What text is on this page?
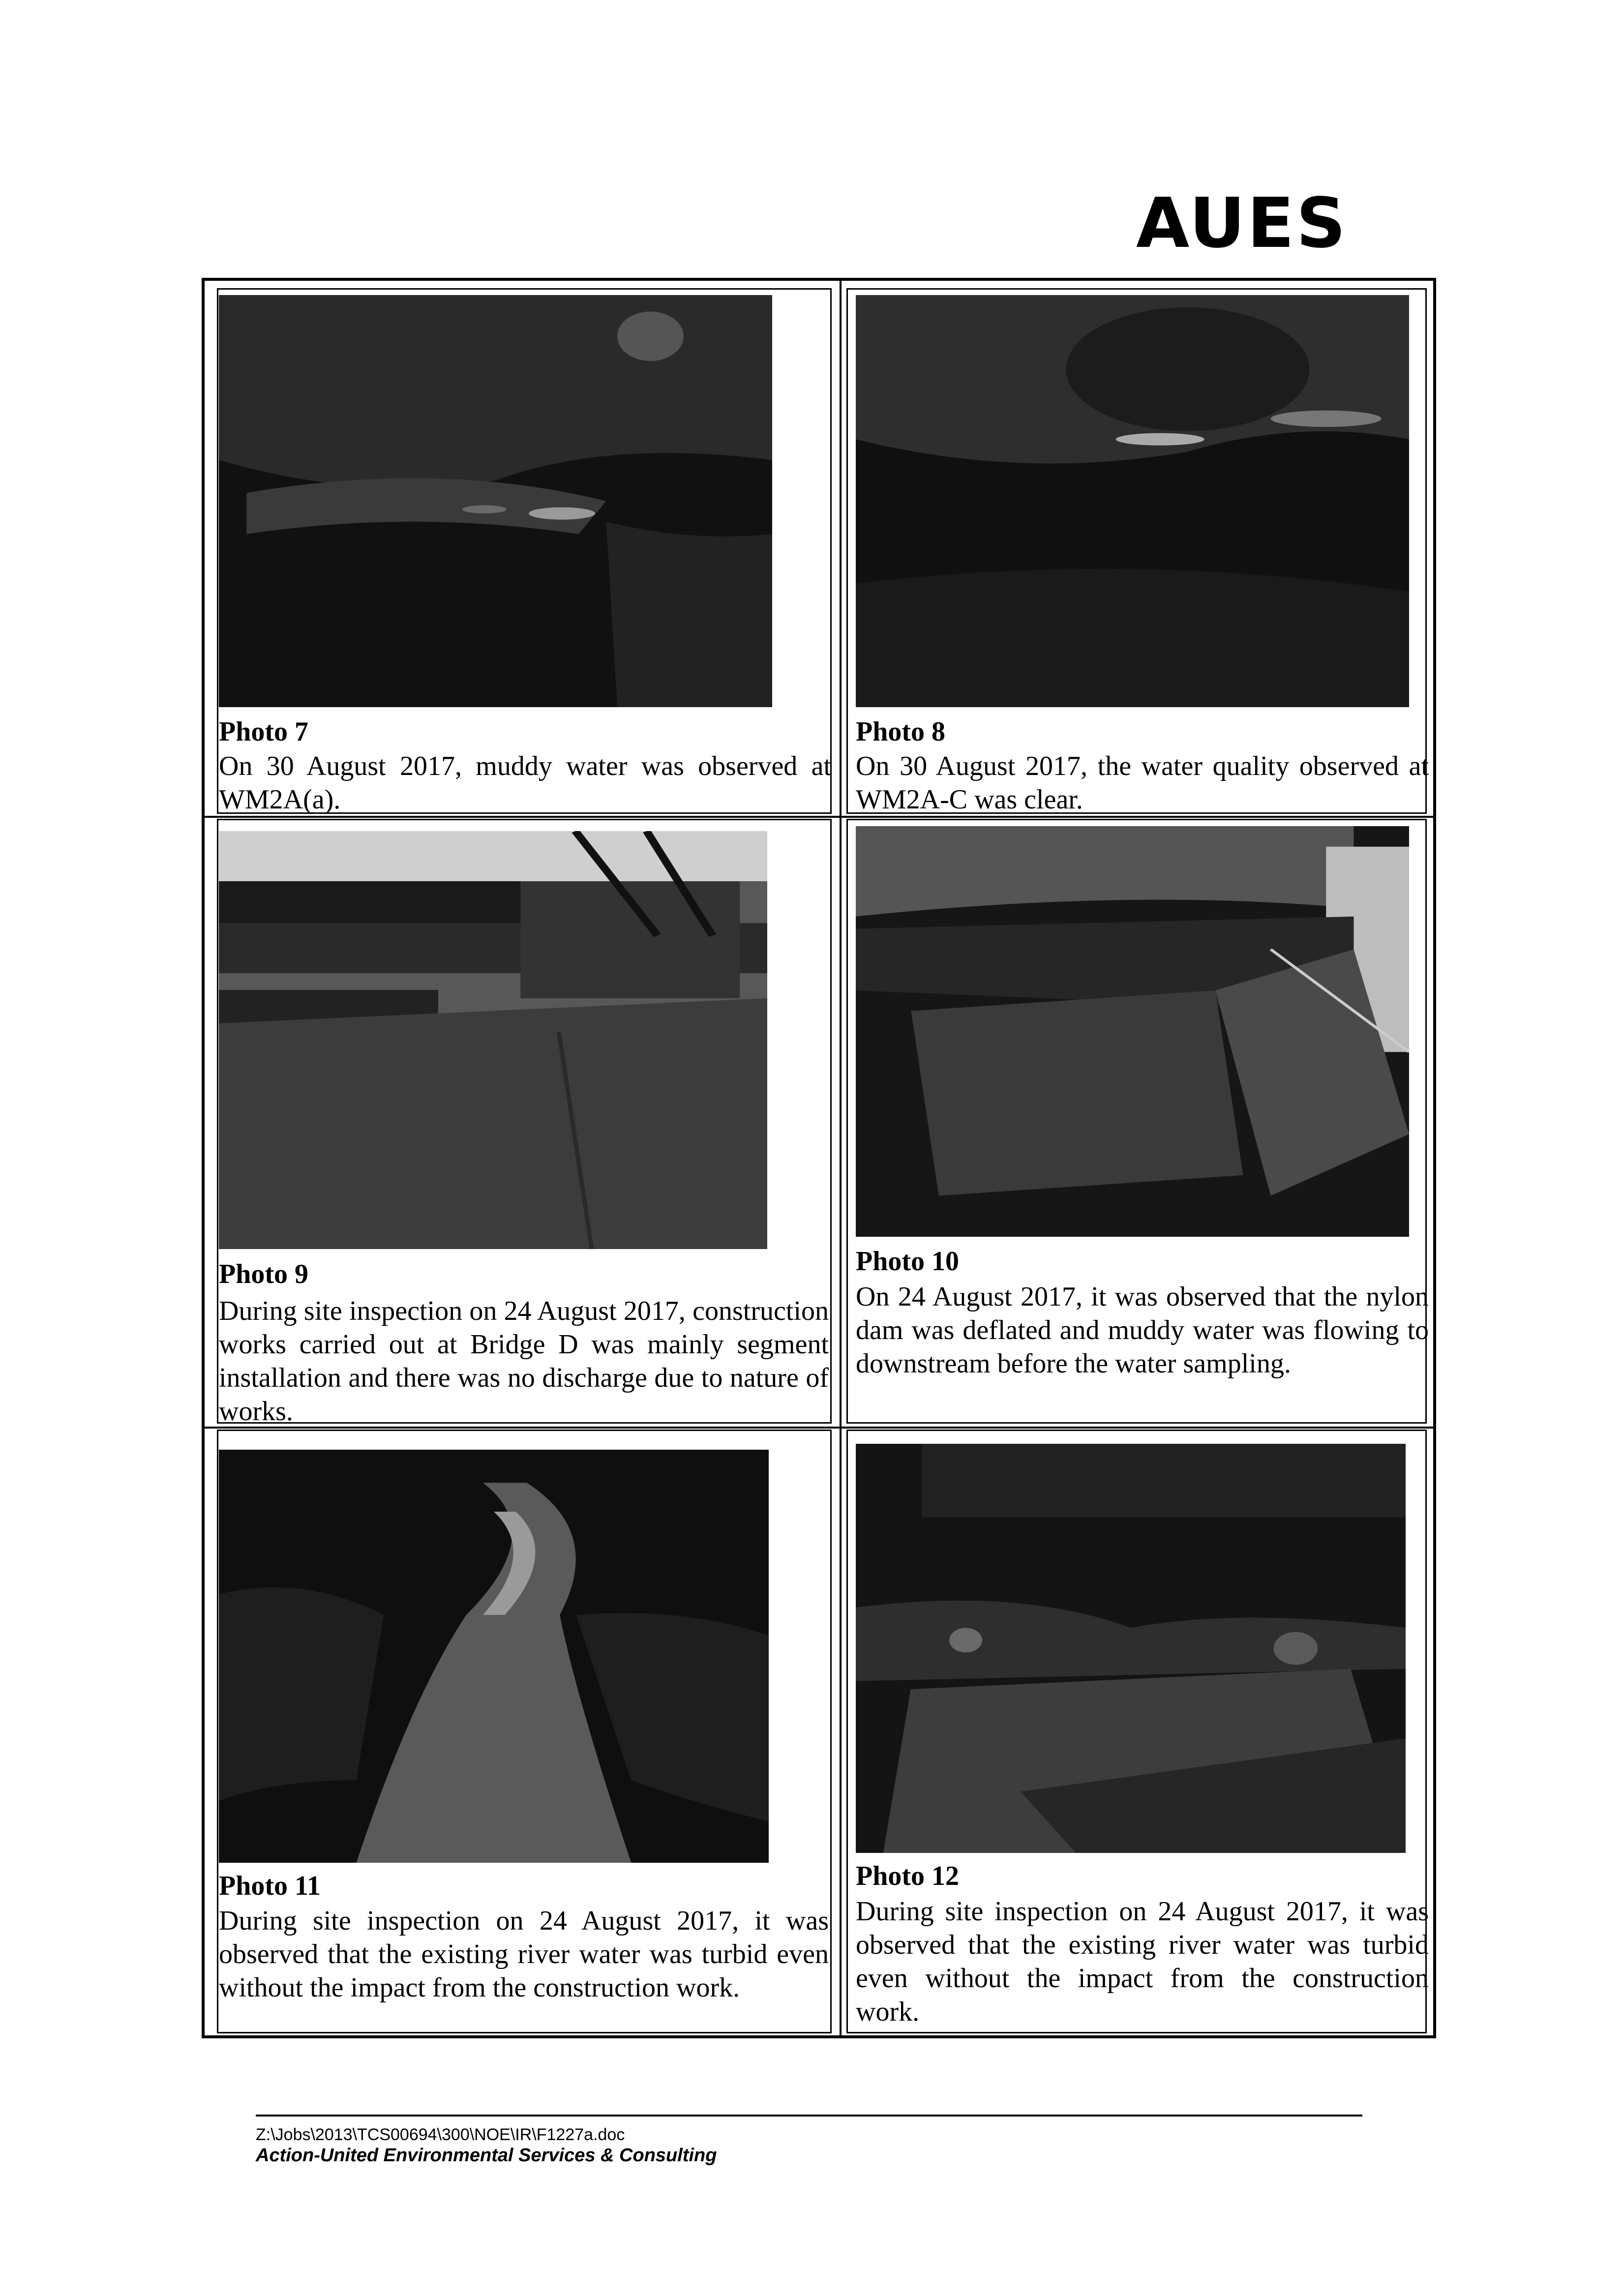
AUES
Photo 7
On 30 August 2017, muddy water was observed at WM2A(a).
Photo 8
On 30 August 2017, the water quality observed at WM2A-C was clear.
Photo 9
During site inspection on 24 August 2017, construction works carried out at Bridge D was mainly segment installation and there was no discharge due to nature of works.
Photo 10
On 24 August 2017, it was observed that the nylon dam was deflated and muddy water was flowing to downstream before the water sampling.
Photo 11
During site inspection on 24 August 2017, it was observed that the existing river water was turbid even without the impact from the construction work.
Photo 12
During site inspection on 24 August 2017, it was observed that the existing river water was turbid even without the impact from the construction work.
Z:\Jobs\2013\TCS00694\300\NOE\IR\F1227a.doc
Action-United Environmental Services & Consulting
